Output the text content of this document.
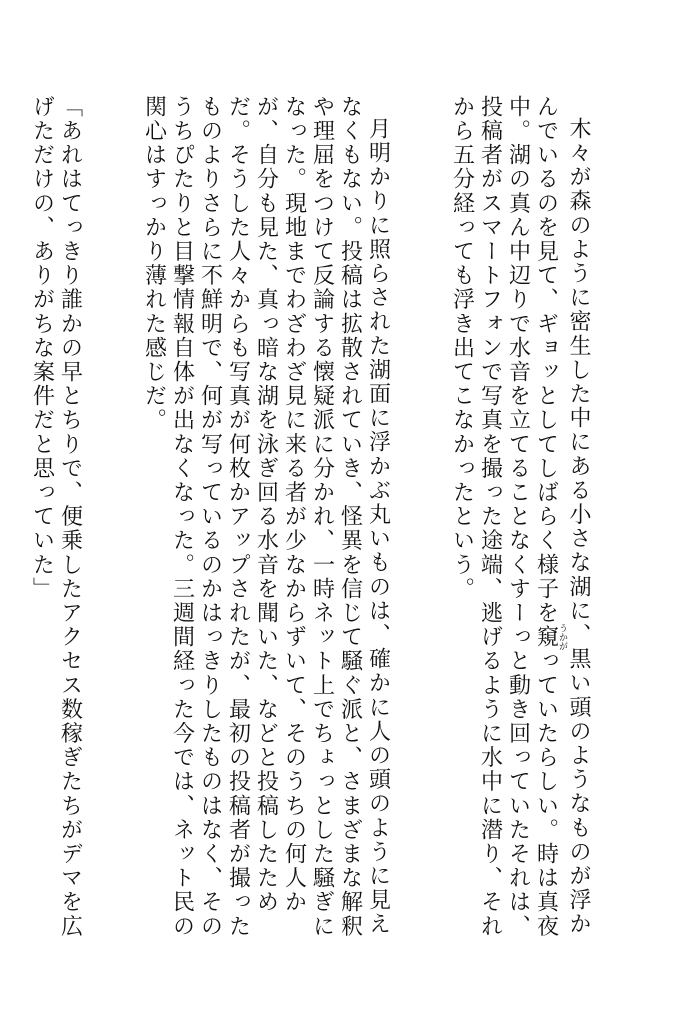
木々が森のように密生した中にある小さな湖に、黒い頭のようなものが浮かんでいるのを見て、ギョッとしてしばらく様子を窺うかがっていたらしい。時は真夜中。湖の真ん中辺りで水音を立てることなくすーっと動き回っていたそれは、投稿者がスマートフォンで写真を撮った途端、逃げるように水中に潜り、それから五分経っても浮き出てこなかったという。

月明かりに照らされた湖面に浮かぶ丸いものは、確かに人の頭のように見えなくもない。投稿は拡散されていき、怪異を信じて騒ぐ派と、さまざまな解釈や理屈をつけて反論する懐疑派に分かれ、一時ネット上でちょっとした騒ぎになった。現地までわざわざ見に来る者が少なからずいて、そのうちの何人かが、自分も見た、真っ暗な湖を泳ぎ回る水音を聞いた、などと投稿したためだ。そうした人々からも写真が何枚かアップされたが、最初の投稿者が撮ったものよりさらに不鮮明で、何が写っているのかはっきりしたものはなく、そのうちぴたりと目撃情報自体が出なくなった。三週間経った今では、ネット民の関心はすっかり薄れた感じだ。

「あれはてっきり誰かの早とちりで、便乗したアクセス数稼ぎたちがデマを広げただけの、ありがちな案件だと思っていた」
